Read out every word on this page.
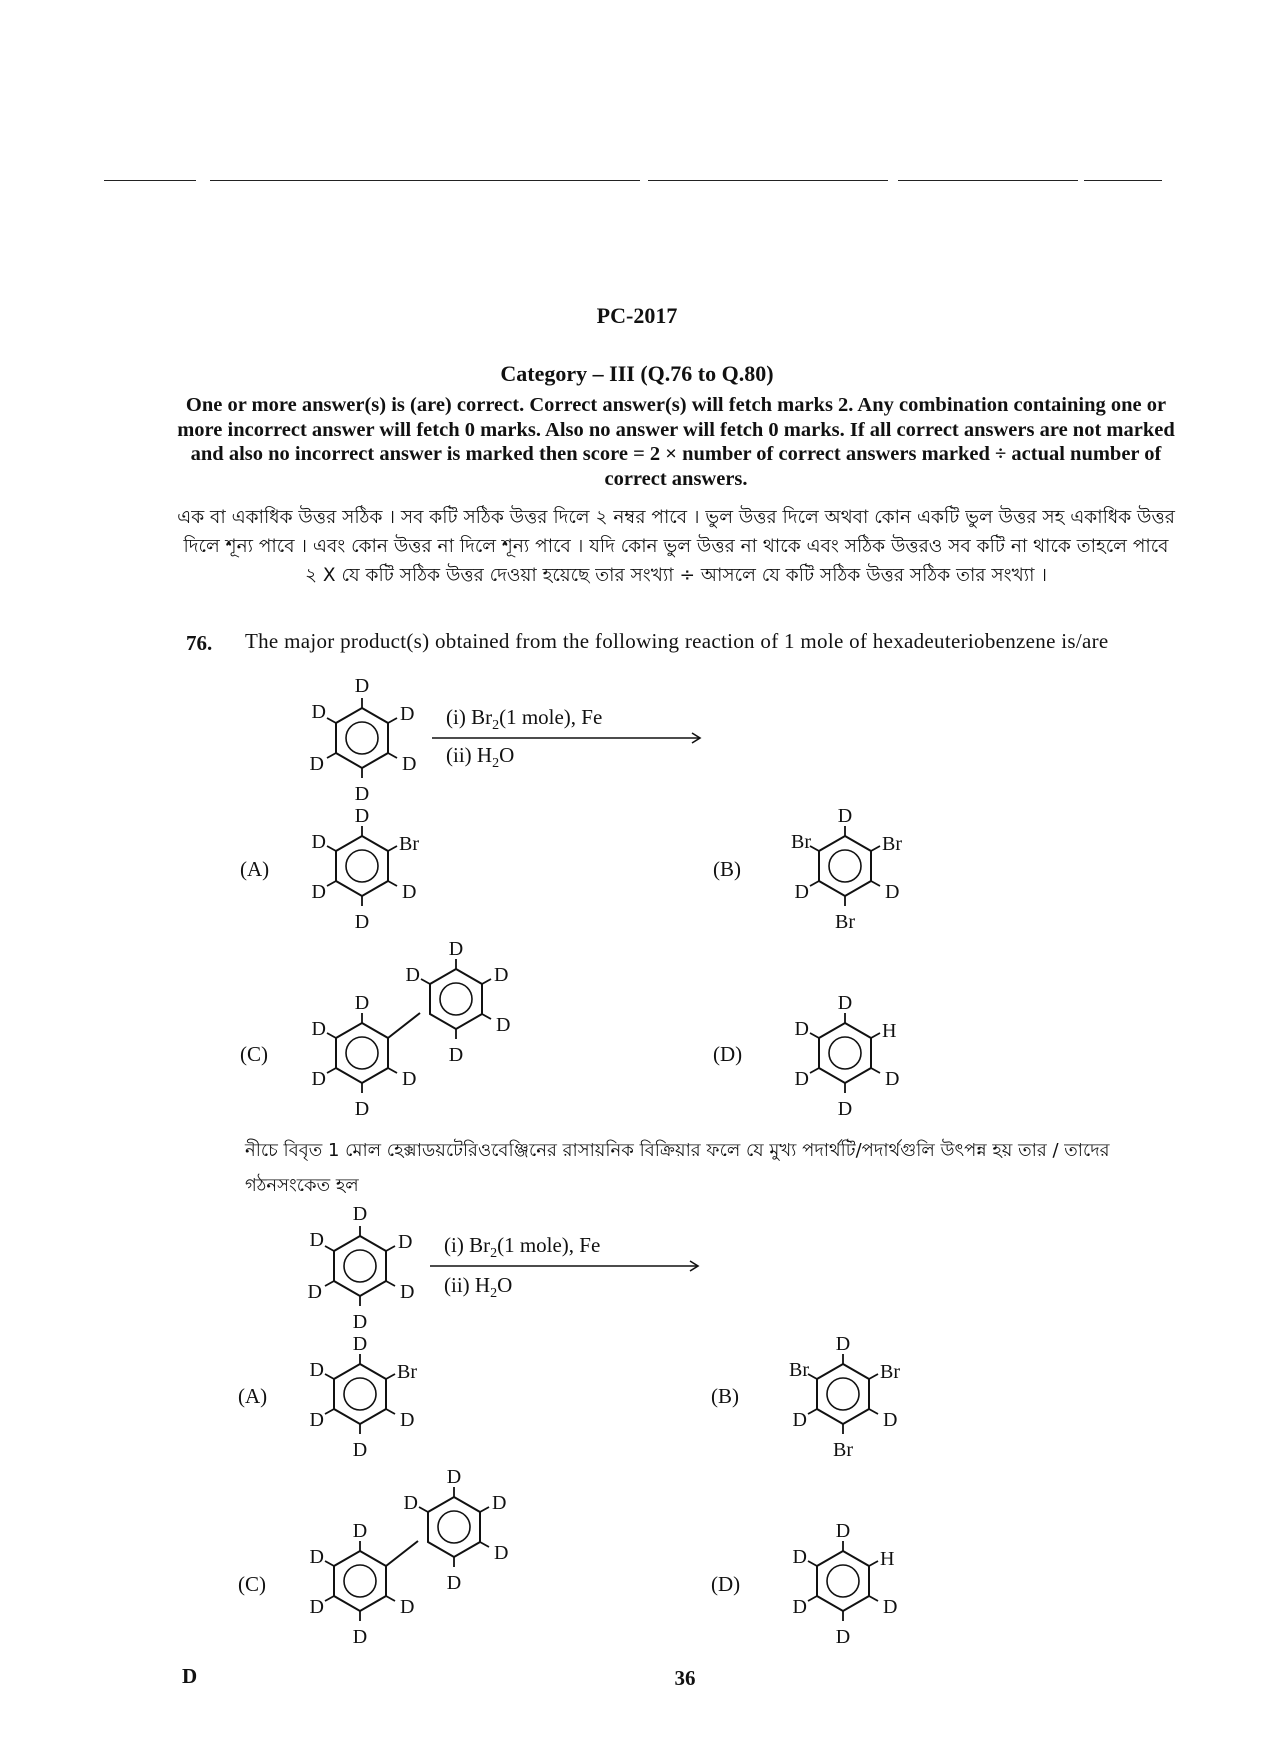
PC-2017
Category – III (Q.76 to Q.80)
One or more answer(s) is (are) correct. Correct answer(s) will fetch marks 2. Any combination containing one or more incorrect answer will fetch 0 marks. Also no answer will fetch 0 marks. If all correct answers are not marked and also no incorrect answer is marked then score = 2 × number of correct answers marked ÷ actual number of correct answers.
এক বা একাধিক উত্তর সঠিক । সব কটি সঠিক উত্তর দিলে ২ নম্বর পাবে । ভুল উত্তর দিলে অথবা কোন একটি ভুল উত্তর সহ একাধিক উত্তর দিলে শূন্য পাবে । এবং কোন উত্তর না দিলে শূন্য পাবে । যদি কোন ভুল উত্তর না থাকে এবং সঠিক উত্তরও সব কটি না থাকে তাহলে পাবে ২ X যে কটি সঠিক উত্তর দেওয়া হয়েছে তার সংখ্যা ÷ আসলে যে কটি সঠিক উত্তর সঠিক তার সংখ্যা ।
76. The major product(s) obtained from the following reaction of 1 mole of hexadeuteriobenzene is/are
নীচে বিবৃত 1 মোল হেক্সাডয়টেরিওবেঞ্জিনের রাসায়নিক বিক্রিয়ার ফলে যে মুখ্য পদার্থটি/পদার্থগুলি উৎপন্ন হয় তার / তাদের গঠনসংকেত হল
(A)	(B)
(C)	(D)
(A)	(B)
(C)	(D)
(i) $Br_2(1$ mole), Fe
(ii) $H_2O$
(i) $Br_2(1$ mole), Fe
(ii) $H_2O$
D
D
D
D
D
D
D
Br
D
D
D
D
D
Br
D
Br
D
Br
D
D
D
D
D
D
D
D
D
D
D
H
D
D
D
D
D
D
D
D
D
D
D
Br
D
D
D
D
D
Br
D
Br
D
Br
D
D
D
D
D
D
D
D
D
D
D
H
D
D
D
D
D	36
